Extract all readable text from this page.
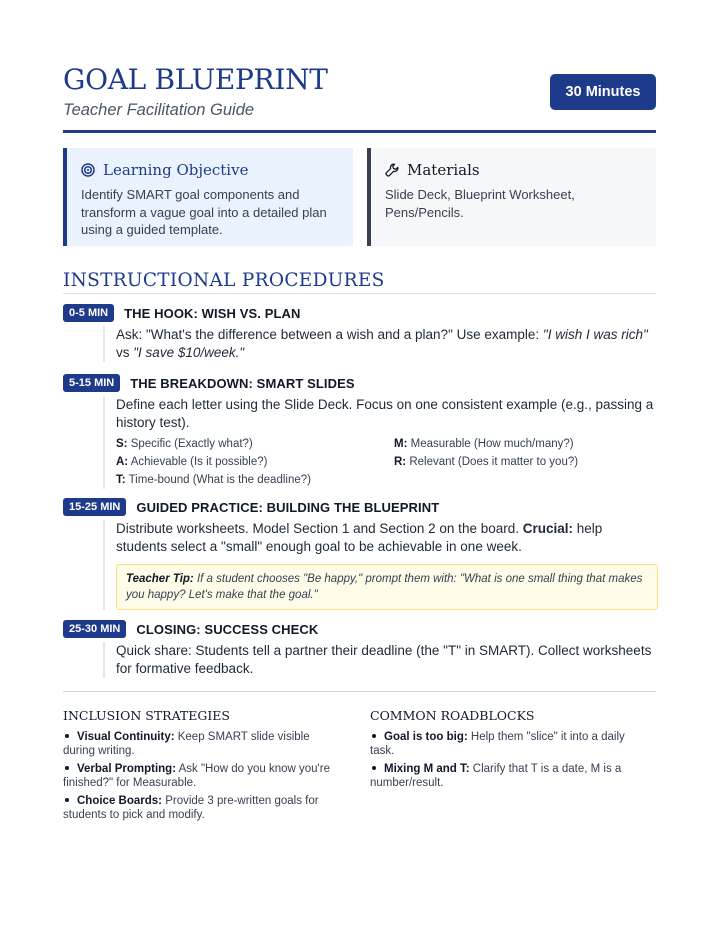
GOAL BLUEPRINT
Teacher Facilitation Guide
30 Minutes
Learning Objective
Identify SMART goal components and transform a vague goal into a detailed plan using a guided template.
Materials
Slide Deck, Blueprint Worksheet, Pens/Pencils.
INSTRUCTIONAL PROCEDURES
0-5 MIN	THE HOOK: WISH VS. PLAN
Ask: "What's the difference between a wish and a plan?" Use example: "I wish I was rich" vs "I save $10/week."
5-15 MIN	THE BREAKDOWN: SMART SLIDES
Define each letter using the Slide Deck. Focus on one consistent example (e.g., passing a history test).
S: Specific (Exactly what?)	M: Measurable (How much/many?)
A: Achievable (Is it possible?)	R: Relevant (Does it matter to you?)
T: Time-bound (What is the deadline?)
15-25 MIN	GUIDED PRACTICE: BUILDING THE BLUEPRINT
Distribute worksheets. Model Section 1 and Section 2 on the board. Crucial: help students select a "small" enough goal to be achievable in one week.
Teacher Tip: If a student chooses "Be happy," prompt them with: "What is one small thing that makes you happy? Let's make that the goal."
25-30 MIN	CLOSING: SUCCESS CHECK
Quick share: Students tell a partner their deadline (the "T" in SMART). Collect worksheets for formative feedback.
INCLUSION STRATEGIES
Visual Continuity: Keep SMART slide visible during writing.
Verbal Prompting: Ask "How do you know you're finished?" for Measurable.
Choice Boards: Provide 3 pre-written goals for students to pick and modify.
COMMON ROADBLOCKS
Goal is too big: Help them "slice" it into a daily task.
Mixing M and T: Clarify that T is a date, M is a number/result.
